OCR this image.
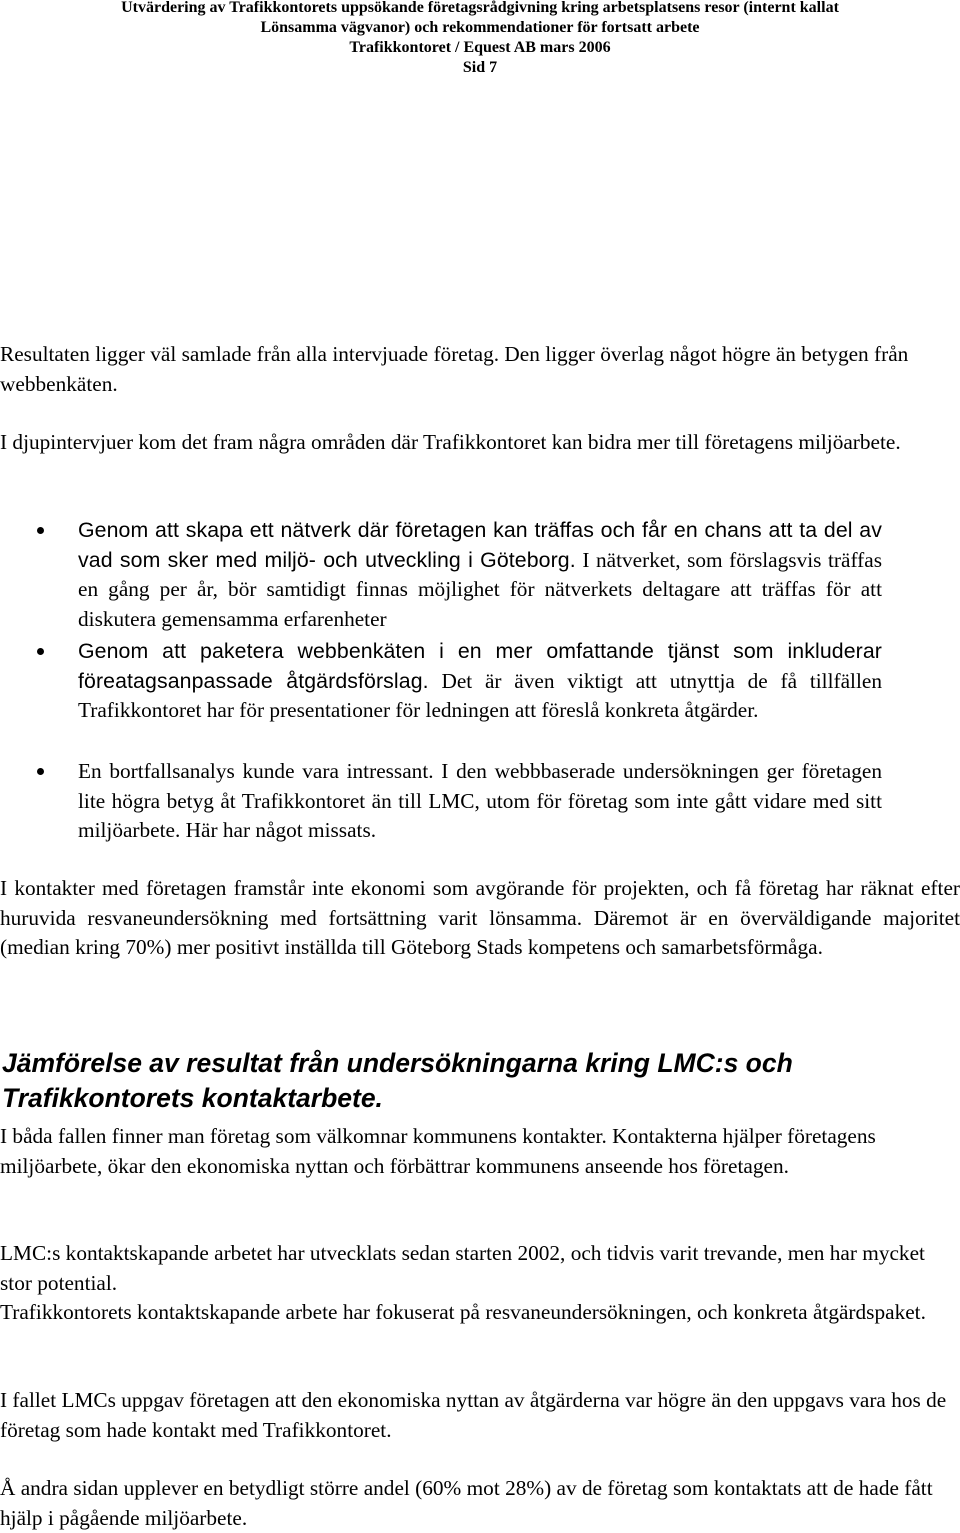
Utvärdering av Trafikkontorets uppsökande företagsrådgivning kring arbetsplatsens resor (internt kallat
Lönsamma vägvanor) och rekommendationer för fortsatt arbete
Trafikkontoret / Equest AB mars 2006
Sid 7

Resultaten ligger väl samlade från alla intervjuade företag. Den ligger överlag något högre än betygen från webbenkäten.

I djupintervjuer kom det fram några områden där Trafikkontoret kan bidra mer till företagens miljöarbete.

Genom att skapa ett nätverk där företagen kan träffas och får en chans att ta del av vad som sker med miljö- och utveckling i Göteborg. I nätverket, som förslagsvis träffas en gång per år, bör samtidigt finnas möjlighet för nätverkets deltagare att träffas för att diskutera gemensamma erfarenheter
Genom att paketera webbenkäten i en mer omfattande tjänst som inkluderar föreatagsanpassade åtgärdsförslag. Det är även viktigt att utnyttja de få tillfällen Trafikkontoret har för presentationer för ledningen att föreslå konkreta åtgärder.
En bortfallsanalys kunde vara intressant. I den webbbaserade undersökningen ger företagen lite högra betyg åt Trafikkontoret än till LMC, utom för företag som inte gått vidare med sitt miljöarbete. Här har något missats.

I kontakter med företagen framstår inte ekonomi som avgörande för projekten, och få företag har räknat efter huruvida resvaneundersökning med fortsättning varit lönsamma. Däremot är en överväldigande majoritet (median kring 70%) mer positivt inställda till Göteborg Stads kompetens och samarbetsförmåga.

Jämförelse av resultat från undersökningarna kring LMC:s och Trafikkontorets kontaktarbete.

I båda fallen finner man företag som välkomnar kommunens kontakter. Kontakterna hjälper företagens miljöarbete, ökar den ekonomiska nyttan och förbättrar kommunens anseende hos företagen.

LMC:s kontaktskapande arbetet har utvecklats sedan starten 2002, och tidvis varit trevande, men har mycket stor potential.

Trafikkontorets kontaktskapande arbete har fokuserat på resvaneundersökningen, och konkreta åtgärdspaket.

I fallet LMCs uppgav företagen att den ekonomiska nyttan av åtgärderna var högre än den uppgavs vara hos de företag som hade kontakt med Trafikkontoret.

Å andra sidan upplever en betydligt större andel (60% mot 28%) av de företag som kontaktats att de hade fått hjälp i pågående miljöarbete.
